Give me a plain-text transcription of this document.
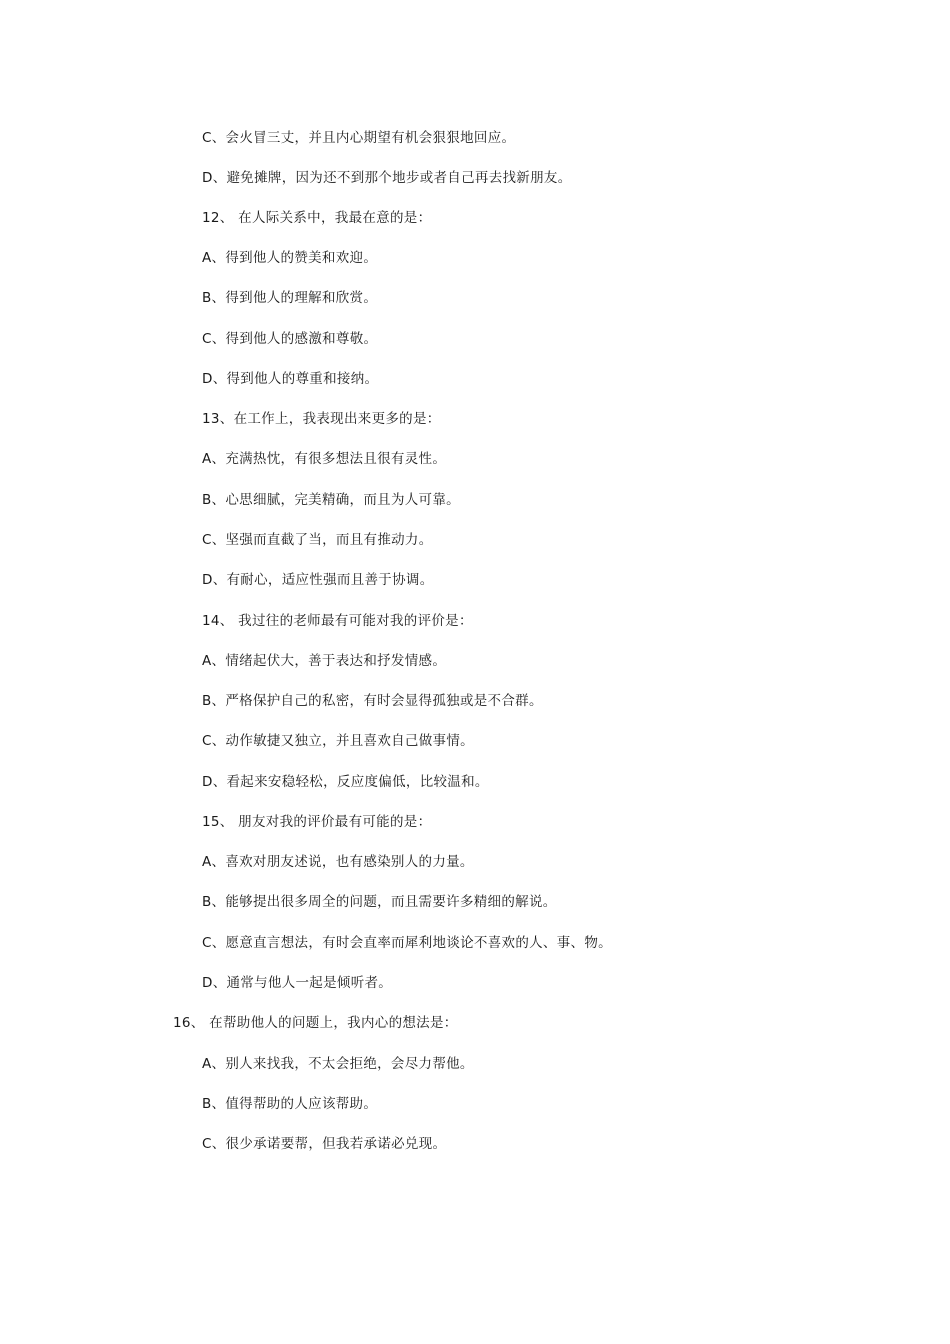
C、会火冒三丈，并且内心期望有机会狠狠地回应。
D、避免摊牌，因为还不到那个地步或者自己再去找新朋友。
12、 在人际关系中，我最在意的是：
A、得到他人的赞美和欢迎。
B、得到他人的理解和欣赏。
C、得到他人的感激和尊敬。
D、得到他人的尊重和接纳。
13、在工作上，我表现出来更多的是：
A、充满热忱，有很多想法且很有灵性。
B、心思细腻，完美精确，而且为人可靠。
C、坚强而直截了当，而且有推动力。
D、有耐心，适应性强而且善于协调。
14、 我过往的老师最有可能对我的评价是：
A、情绪起伏大，善于表达和抒发情感。
B、严格保护自己的私密，有时会显得孤独或是不合群。
C、动作敏捷又独立，并且喜欢自己做事情。
D、看起来安稳轻松，反应度偏低，比较温和。
15、 朋友对我的评价最有可能的是：
A、喜欢对朋友述说，也有感染别人的力量。
B、能够提出很多周全的问题，而且需要许多精细的解说。
C、愿意直言想法，有时会直率而犀利地谈论不喜欢的人、事、物。
D、通常与他人一起是倾听者。
16、 在帮助他人的问题上，我内心的想法是：
A、别人来找我，不太会拒绝，会尽力帮他。
B、值得帮助的人应该帮助。
C、很少承诺要帮，但我若承诺必兑现。
